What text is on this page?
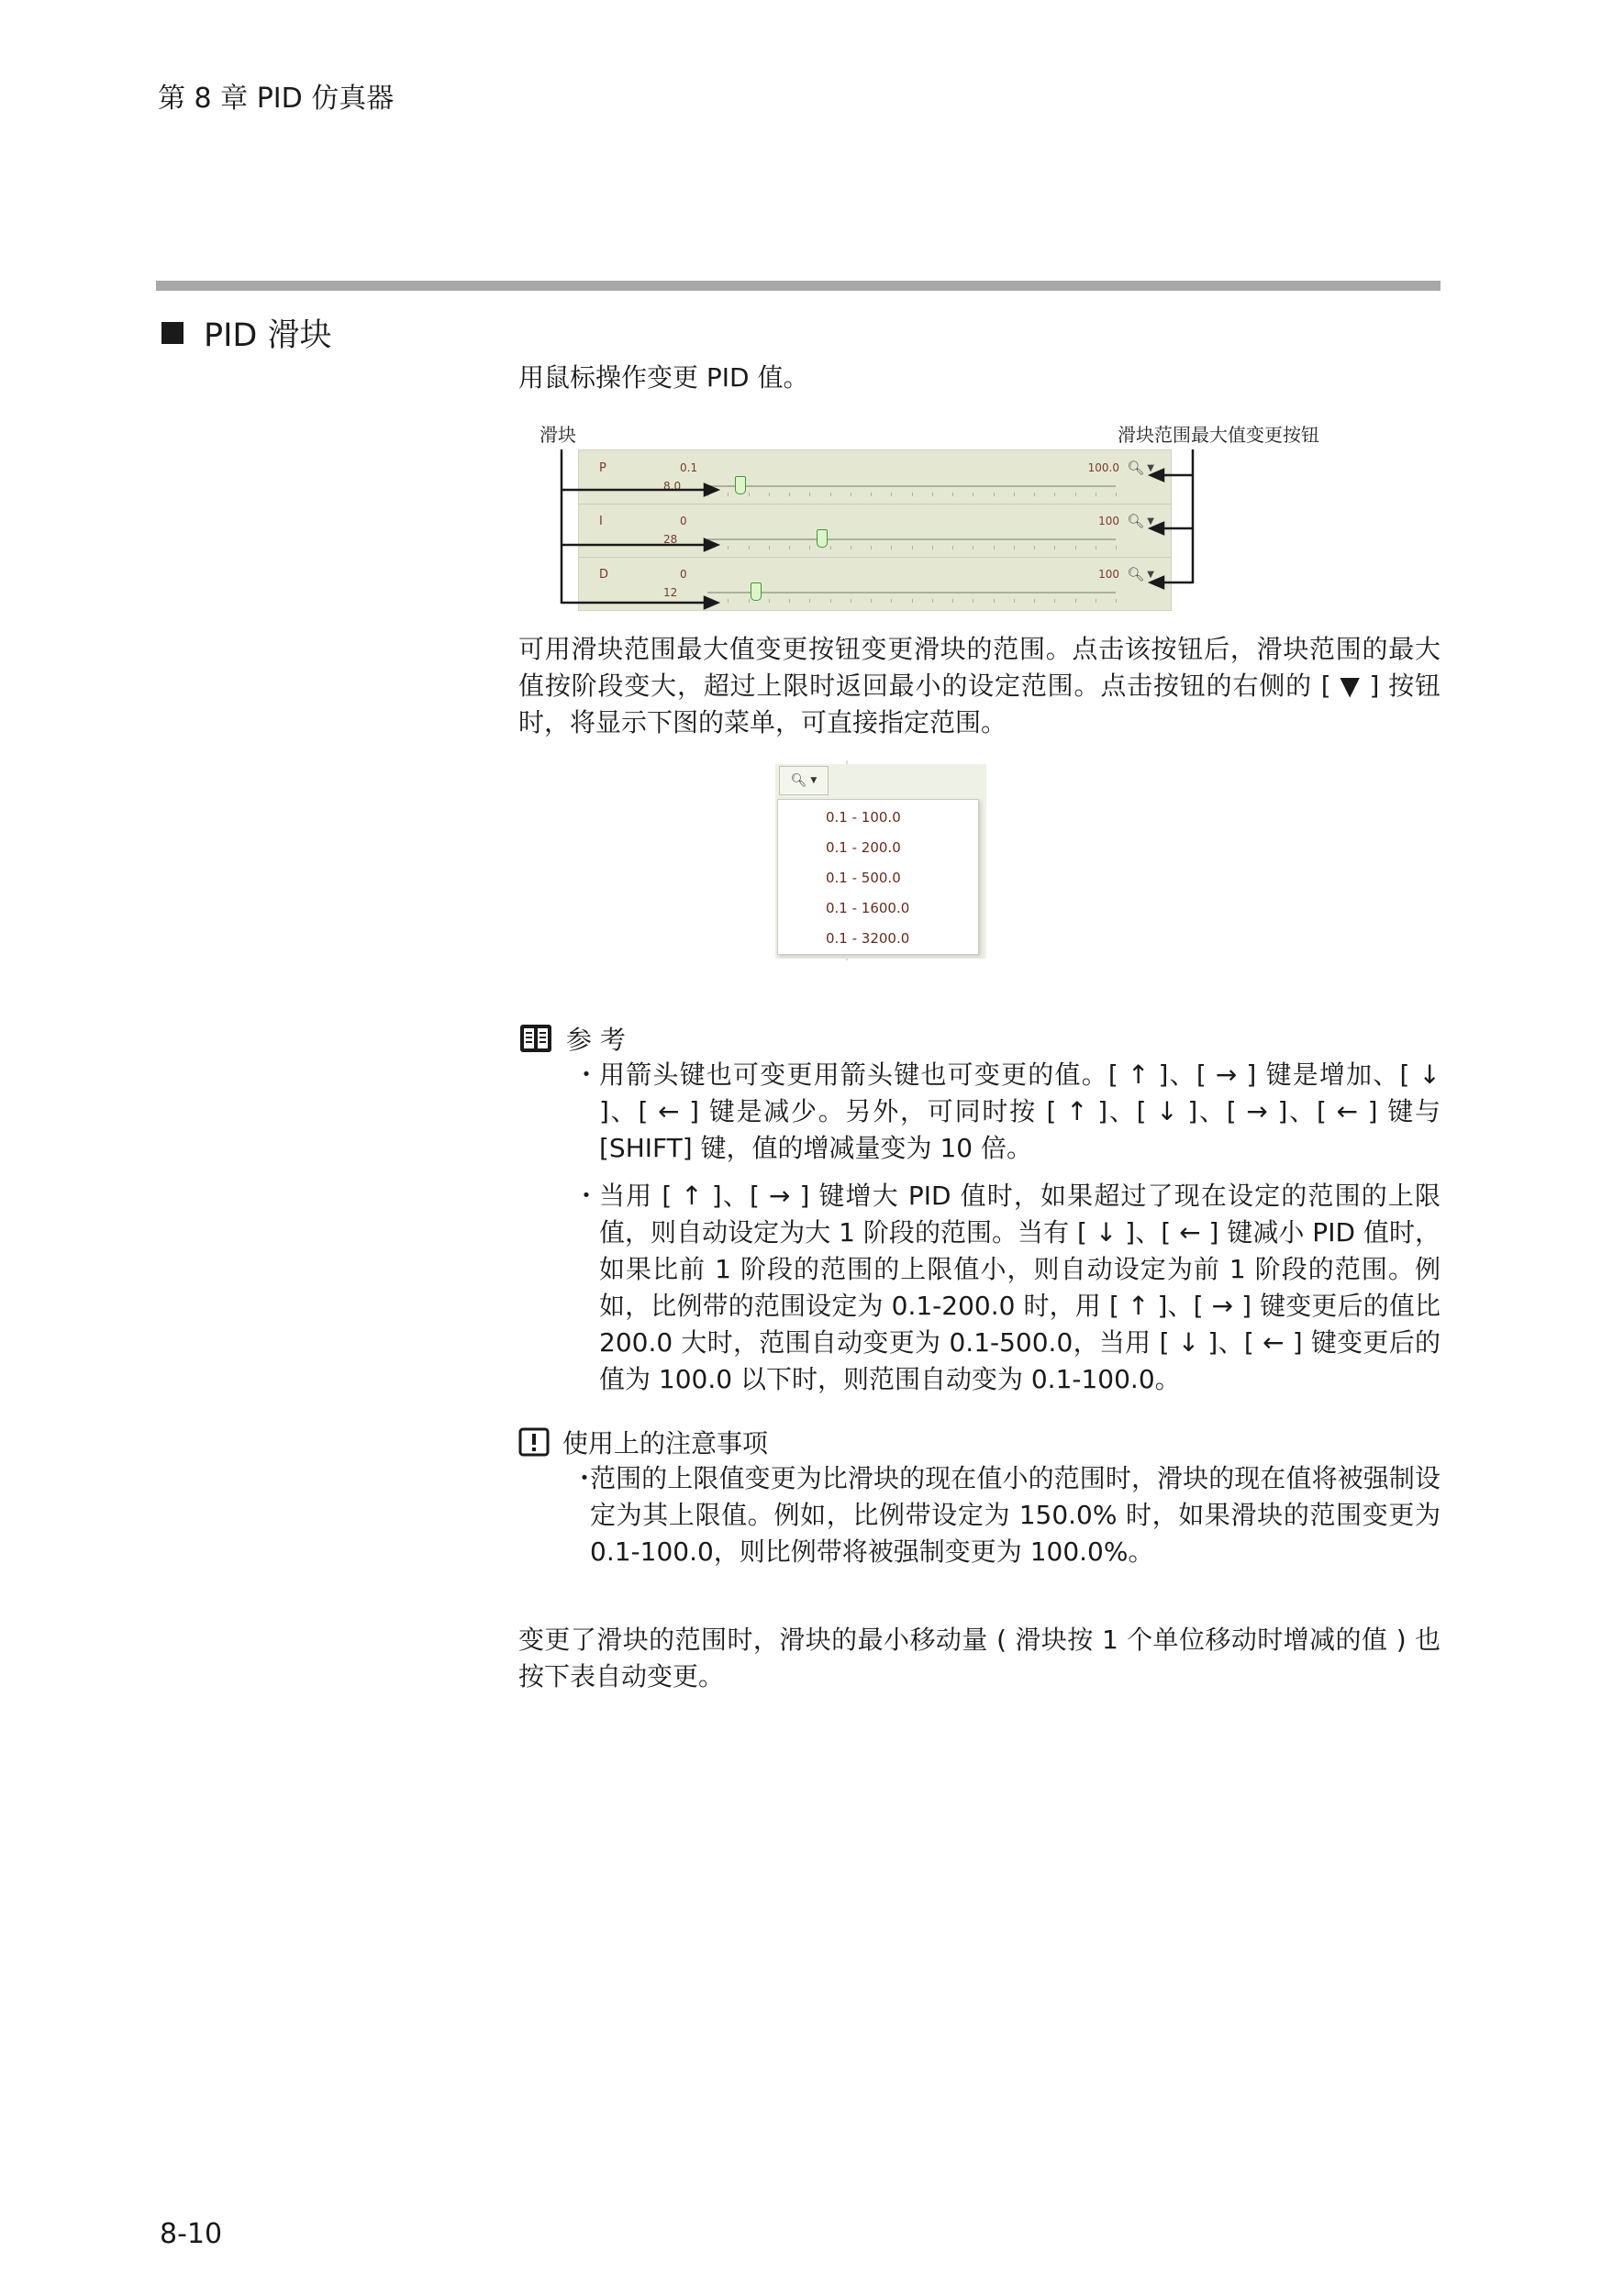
第 8 章 PID 仿真器
PID 滑块
用鼠标操作变更 PID 值。
滑块	滑块范围最大值变更按钮
P	0.1	100.0
8.0
🔍︎ ▼
I	0	100
28
🔍︎ ▼
D	0	100
12
🔍︎ ▼
可用滑块范围最大值变更按钮变更滑块的范围。点击该按钮后，滑块范围的最大值按阶段变大，超过上限时返回最小的设定范围。点击按钮的右侧的 [ ▼ ] 按钮时，将显示下图的菜单，可直接指定范围。
🔍︎ ▼
0.1 - 100.0
0.1 - 200.0
0.1 - 500.0
0.1 - 1600.0
0.1 - 3200.0
参 考
・ 用箭头键也可变更用箭头键也可变更的值。[ ↑ ]、[ → ] 键是增加、[ ↓ ]、[ ← ] 键是减少。另外，可同时按 [ ↑ ]、[ ↓ ]、[ → ]、[ ← ] 键与 [SHIFT] 键，值的增减量变为 10 倍。
・ 当用 [ ↑ ]、[ → ] 键增大 PID 值时，如果超过了现在设定的范围的上限值，则自动设定为大 1 阶段的范围。当有 [ ↓ ]、[ ← ] 键减小 PID 值时，如果比前 1 阶段的范围的上限值小，则自动设定为前 1 阶段的范围。例如，比例带的范围设定为 0.1-200.0 时，用 [ ↑ ]、[ → ] 键变更后的值比 200.0 大时，范围自动变更为 0.1-500.0，当用 [ ↓ ]、[ ← ] 键变更后的值为 100.0 以下时，则范围自动变为 0.1-100.0。
使用上的注意事项
・
范围的上限值变更为比滑块的现在值小的范围时，滑块的现在值将被强制设定为其上限值。例如，比例带设定为 150.0% 时，如果滑块的范围变更为 0.1-100.0，则比例带将被强制变更为 100.0%。
变更了滑块的范围时，滑块的最小移动量 ( 滑块按 1 个单位移动时增减的值 ) 也按下表自动变更。
8-10
